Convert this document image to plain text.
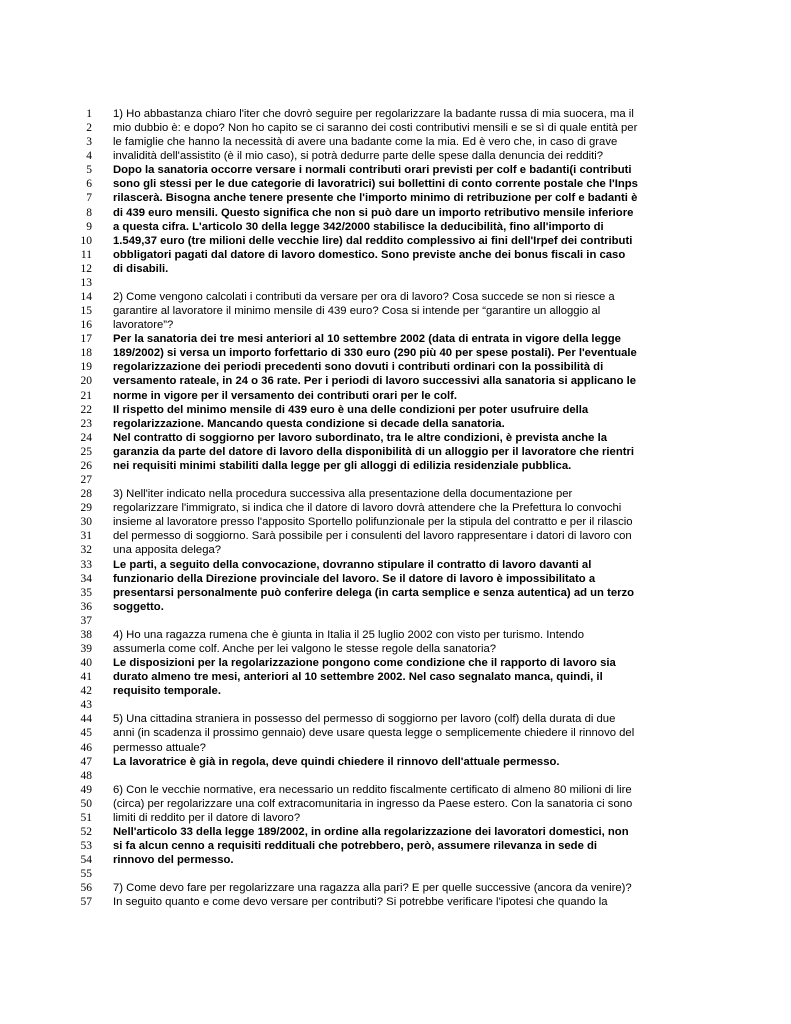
1 1) Ho abbastanza chiaro l'iter che dovrò seguire per regolarizzare la badante russa di mia suocera, ma il
2 mio dubbio è: e dopo? Non ho capito se ci saranno dei costi contributivi mensili e se sì di quale entità per
3 le famiglie che hanno la necessità di avere una badante come la mia. Ed è vero che, in caso di grave
4 invalidità dell'assistito (è il mio caso), si potrà dedurre parte delle spese dalla denuncia dei redditi?
5 Dopo la sanatoria occorre versare i normali contributi orari previsti per colf e badanti(i contributi
6 sono gli stessi per le due categorie di lavoratrici) sui bollettini di conto corrente postale che l'Inps
7 rilascerà. Bisogna anche tenere presente che l'importo minimo di retribuzione per colf e badanti è
8 di 439 euro mensili. Questo significa che non si può dare un importo retributivo mensile inferiore
9 a questa cifra. L'articolo 30 della legge 342/2000 stabilisce la deducibilità, fino all'importo di
10 1.549,37 euro (tre milioni delle vecchie lire) dal reddito complessivo ai fini dell'Irpef dei contributi
11 obbligatori pagati dal datore di lavoro domestico. Sono previste anche dei bonus fiscali in caso
12 di disabili.
13
14 2) Come vengono calcolati i contributi da versare per ora di lavoro? Cosa succede se non si riesce a
15 garantire al lavoratore il minimo mensile di 439 euro? Cosa si intende per “garantire un alloggio al
16 lavoratore”?
17 Per la sanatoria dei tre mesi anteriori al 10 settembre 2002 (data di entrata in vigore della legge
18 189/2002) si versa un importo forfettario di 330 euro (290 più 40 per spese postali). Per l'eventuale
19 regolarizzazione dei periodi precedenti sono dovuti i contributi ordinari con la possibilità di
20 versamento rateale, in 24 o 36 rate. Per i periodi di lavoro successivi alla sanatoria si applicano le
21 norme in vigore per il versamento dei contributi orari per le colf.
22 Il rispetto del minimo mensile di 439 euro è una delle condizioni per poter usufruire della
23 regolarizzazione. Mancando questa condizione si decade della sanatoria.
24 Nel contratto di soggiorno per lavoro subordinato, tra le altre condizioni, è prevista anche la
25 garanzia da parte del datore di lavoro della disponibilità di un alloggio per il lavoratore che rientri
26 nei requisiti minimi stabiliti dalla legge per gli alloggi di edilizia residenziale pubblica.
27
28 3) Nell'iter indicato nella procedura successiva alla presentazione della documentazione per
29 regolarizzare l'immigrato, si indica che il datore di lavoro dovrà attendere che la Prefettura lo convochi
30 insieme al lavoratore presso l'apposito Sportello polifunzionale per la stipula del contratto e per il rilascio
31 del permesso di soggiorno. Sarà possibile per i consulenti del lavoro rappresentare i datori di lavoro con
32 una apposita delega?
33 Le parti, a seguito della convocazione, dovranno stipulare il contratto di lavoro davanti al
34 funzionario della Direzione provinciale del lavoro. Se il datore di lavoro è impossibilitato a
35 presentarsi personalmente può conferire delega (in carta semplice e senza autentica) ad un terzo
36 soggetto.
37
38 4) Ho una ragazza rumena che è giunta in Italia il 25 luglio 2002 con visto per turismo. Intendo
39 assumerla come colf. Anche per lei valgono le stesse regole della sanatoria?
40 Le disposizioni per la regolarizzazione pongono come condizione che il rapporto di lavoro sia
41 durato almeno tre mesi, anteriori al 10 settembre 2002. Nel caso segnalato manca, quindi, il
42 requisito temporale.
43
44 5) Una cittadina straniera in possesso del permesso di soggiorno per lavoro (colf) della durata di due
45 anni (in scadenza il prossimo gennaio) deve usare questa legge o semplicemente chiedere il rinnovo del
46 permesso attuale?
47 La lavoratrice è già in regola, deve quindi chiedere il rinnovo dell'attuale permesso.
48
49 6) Con le vecchie normative, era necessario un reddito fiscalmente certificato di almeno 80 milioni di lire
50 (circa) per regolarizzare una colf extracomunitaria in ingresso da Paese estero. Con la sanatoria ci sono
51 limiti di reddito per il datore di lavoro?
52 Nell'articolo 33 della legge 189/2002, in ordine alla regolarizzazione dei lavoratori domestici, non
53 si fa alcun cenno a requisiti reddituali che potrebbero, però, assumere rilevanza in sede di
54 rinnovo del permesso.
55
56 7) Come devo fare per regolarizzare una ragazza alla pari? E per quelle successive (ancora da venire)?
57 In seguito quanto e come devo versare per contributi? Si potrebbe verificare l'ipotesi che quando la
